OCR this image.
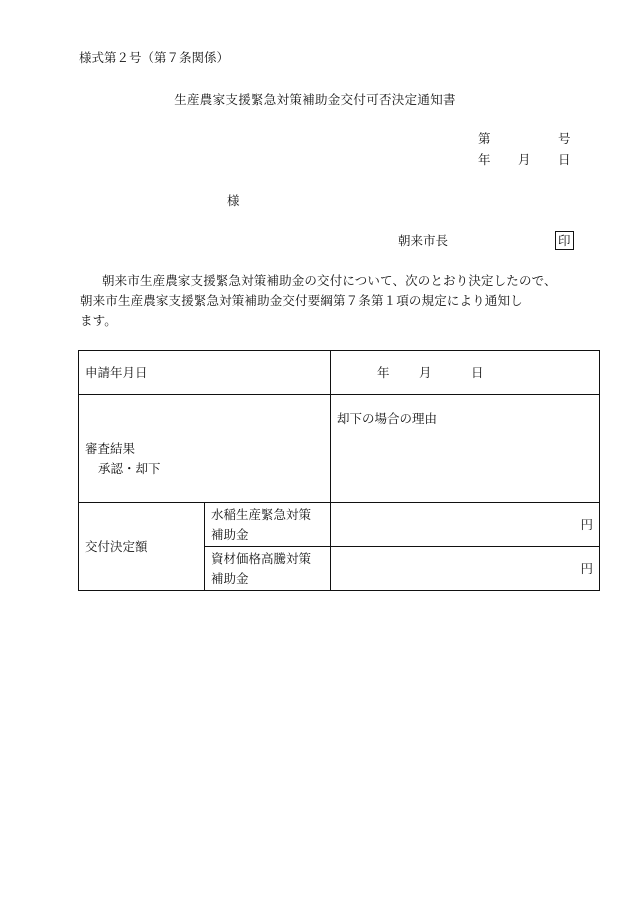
様式第２号（第７条関係）
生産農家支援緊急対策補助金交付可否決定通知書
第	号
年 月 日
様
朝来市長	印
朝来市生産農家支援緊急対策補助金の交付について、次のとおり決定したので、
朝来市生産農家支援緊急対策補助金交付要綱第７条第１項の規定により通知し
ます。
申請年月日		年 月 日

審査結果
承認・却下		却下の場合の理由

交付決定額	水稲生産緊急対策
補助金	円

	資材価格高騰対策
補助金	円
